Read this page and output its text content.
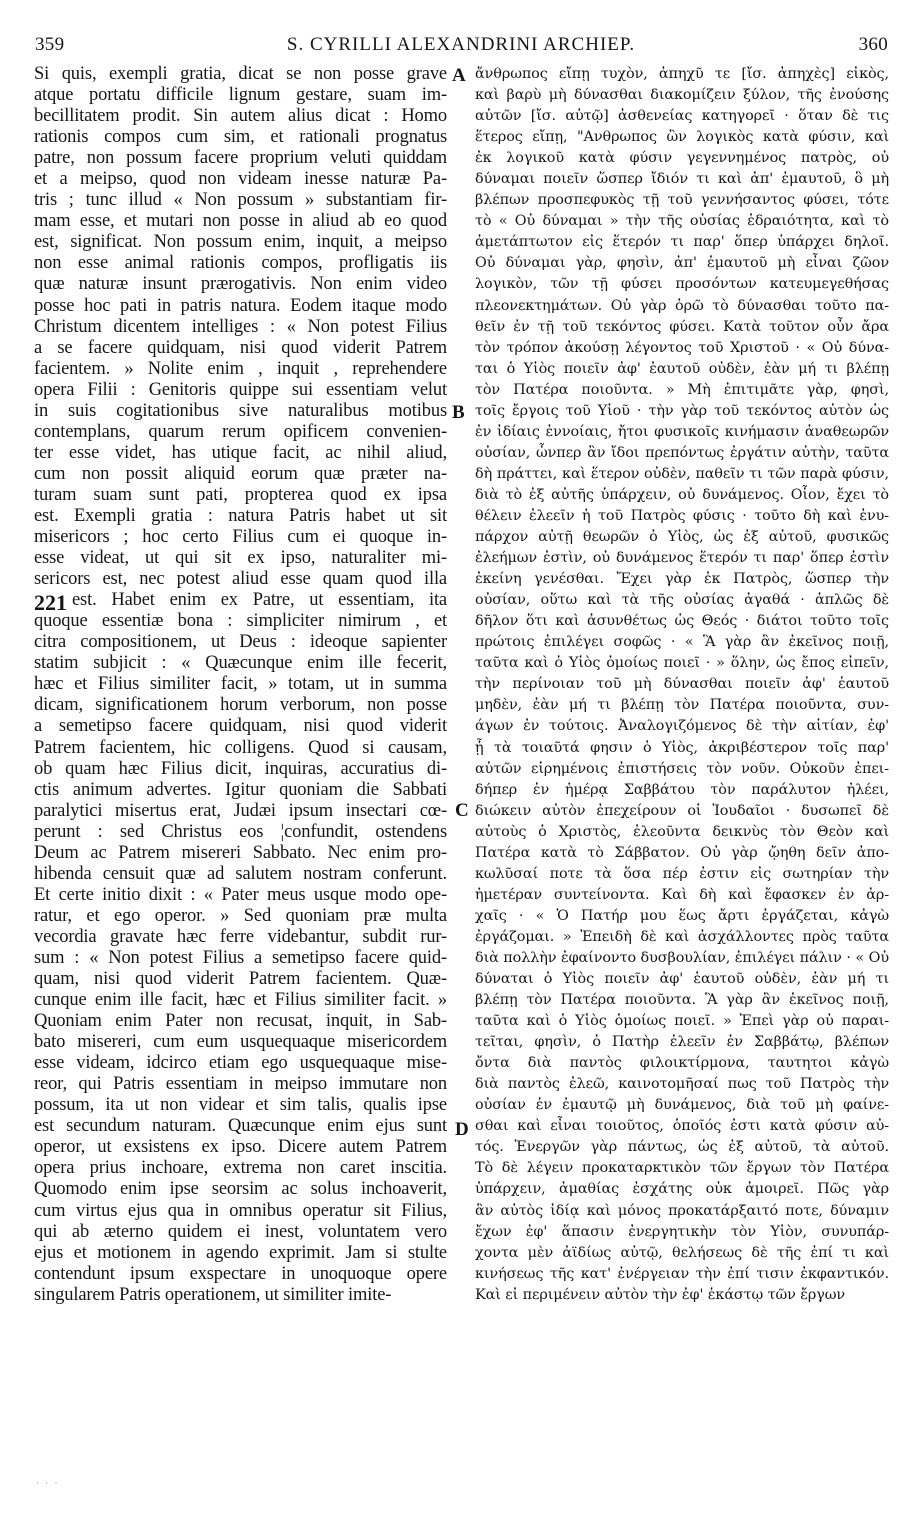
359	S. CYRILLI ALEXANDRINI ARCHIEP.	360
Si quis, exempli gratia, dicat se non posse grave
atque portatu difficile lignum gestare, suam im-
becillitatem prodit. Sin autem alius dicat : Homo
rationis compos cum sim, et rationali prognatus
patre, non possum facere proprium veluti quiddam
et a meipso, quod non videam inesse naturæ Pa-
tris ; tunc illud « Non possum » substantiam fir-
mam esse, et mutari non posse in aliud ab eo quod
est, significat. Non possum enim, inquit, a meipso
non esse animal rationis compos, profligatis iis
quæ naturæ insunt prærogativis. Non enim video
posse hoc pati in patris natura. Eodem itaque modo
Christum dicentem intelliges : « Non potest Filius
a se facere quidquam, nisi quod viderit Patrem
facientem. » Nolite enim , inquit , reprehendere
opera Filii : Genitoris quippe sui essentiam velut
in suis cogitationibus sive naturalibus motibus
contemplans, quarum rerum opificem convenien-
ter esse videt, has utique facit, ac nihil aliud,
cum non possit aliquid eorum quæ præter na-
turam suam sunt pati, propterea quod ex ipsa
est. Exempli gratia : natura Patris habet ut sit
misericors ; hoc certo Filius cum ei quoque in-
esse videat, ut qui sit ex ipso, naturaliter mi-
sericors est, nec potest aliud esse quam quod illa
est. Habet enim ex Patre, ut essentiam, ita
quoque essentiæ bona : simpliciter nimirum , et
citra compositionem, ut Deus : ideoque sapienter
statim subjicit : « Quæcunque enim ille fecerit,
hæc et Filius similiter facit, » totam, ut in summa
dicam, significationem horum verborum, non posse
a semetipso facere quidquam, nisi quod viderit
Patrem facientem, hic colligens. Quod si causam,
ob quam hæc Filius dicit, inquiras, accuratius di-
ctis animum advertes. Igitur quoniam die Sabbati
paralytici misertus erat, Judæi ipsum insectari cœ-
perunt : sed Christus eos ¦confundit, ostendens
Deum ac Patrem misereri Sabbato. Nec enim pro-
hibenda censuit quæ ad salutem nostram conferunt.
Et certe initio dixit : « Pater meus usque modo ope-
ratur, et ego operor. » Sed quoniam præ multa
vecordia gravate hæc ferre videbantur, subdit rur-
sum : « Non potest Filius a semetipso facere quid-
quam, nisi quod viderit Patrem facientem. Quæ-
cunque enim ille facit, hæc et Filius similiter facit. »
Quoniam enim Pater non recusat, inquit, in Sab-
bato misereri, cum eum usquequaque misericordem
esse videam, idcirco etiam ego usquequaque mise-
reor, qui Patris essentiam in meipso immutare non
possum, ita ut non videar et sim talis, qualis ipse
est secundum naturam. Quæcunque enim ejus sunt
operor, ut exsistens ex ipso. Dicere autem Patrem
opera prius inchoare, extrema non caret inscitia.
Quomodo enim ipse seorsim ac solus inchoaverit,
cum virtus ejus qua in omnibus operatur sit Filius,
qui ab æterno quidem ei inest, voluntatem vero
ejus et motionem in agendo exprimit. Jam si stulte
contendunt ipsum exspectare in unoquoque opere
singularem Patris operationem, ut similiter imite-
ἄνθρωπος εἴπῃ τυχὸν, ἀπηχῦ τε [ἴσ. ἀπηχὲς] εἰκὸς,
καὶ βαρὺ μὴ δύνασθαι διακομίζειν ξύλον, τῆς ἐνούσης
αὐτῶν [ἴσ. αὐτῷ] ἀσθενείας κατηγορεῖ · ὅταν δὲ τις
ἕτερος εἴπῃ, "Ανθρωπος ὢν λογικὸς κατὰ φύσιν, καὶ
ἐκ λογικοῦ κατὰ φύσιν γεγεννημένος πατρὸς, οὐ
δύναμαι ποιεῖν ὥσπερ ἴδιόν τι καὶ ἀπ' ἐμαυτοῦ, ὃ μὴ
βλέπων προσπεφυκὸς τῇ τοῦ γεννήσαντος φύσει, τότε
τὸ « Οὐ δύναμαι » τὴν τῆς οὐσίας ἑδραιότητα, καὶ τὸ
ἀμετάπτωτον εἰς ἕτερόν τι παρ' ὅπερ ὑπάρχει δηλοῖ.
Οὐ δύναμαι γὰρ, φησὶν, ἀπ' ἐμαυτοῦ μὴ εἶναι ζῶον
λογικὸν, τῶν τῇ φύσει προσόντων κατευμεγεθήσας
πλεονεκτημάτων. Οὐ γὰρ ὁρῶ τὸ δύνασθαι τοῦτο πα-
θεῖν ἐν τῇ τοῦ τεκόντος φύσει. Κατὰ τοῦτον οὖν ἄρα
τὸν τρόπον ἀκούσῃ λέγοντος τοῦ Χριστοῦ · « Οὐ δύνα-
ται ὁ Υἱὸς ποιεῖν ἀφ' ἑαυτοῦ οὐδὲν, ἐὰν μή τι βλέπῃ
τὸν Πατέρα ποιοῦντα. » Μὴ ἐπιτιμᾶτε γὰρ, φησὶ,
τοῖς ἔργοις τοῦ Υἱοῦ · τὴν γὰρ τοῦ τεκόντος αὐτὸν ὡς
ἐν ἰδίαις ἐννοίαις, ἤτοι φυσικοῖς κινήμασιν ἀναθεωρῶν
οὐσίαν, ὧνπερ ἂν ἴδοι πρεπόντως ἐργάτιν αὐτὴν, ταῦτα
δὴ πράττει, καὶ ἕτερον οὐδὲν, παθεῖν τι τῶν παρὰ φύσιν,
διὰ τὸ ἐξ αὐτῆς ὑπάρχειν, οὐ δυνάμενος. Οἷον, ἔχει τὸ
θέλειν ἐλεεῖν ἡ τοῦ Πατρὸς φύσις · τοῦτο δὴ καὶ ἐνυ-
πάρχον αὐτῇ θεωρῶν ὁ Υἱὸς, ὡς ἐξ αὐτοῦ, φυσικῶς
ἐλεήμων ἐστὶν, οὐ δυνάμενος ἕτερόν τι παρ' ὅπερ ἐστὶν
ἐκείνη γενέσθαι. Ἔχει γὰρ ἐκ Πατρὸς, ὥσπερ τὴν
οὐσίαν, οὕτω καὶ τὰ τῆς οὐσίας ἀγαθά · ἁπλῶς δὲ
δῆλον ὅτι καὶ ἀσυνθέτως ὡς Θεός · διάτοι τοῦτο τοῖς
πρώτοις ἐπιλέγει σοφῶς · « Ἃ γὰρ ἂν ἐκεῖνος ποιῇ,
ταῦτα καὶ ὁ Υἱὸς ὁμοίως ποιεῖ · » ὅλην, ὡς ἔπος εἰπεῖν,
τὴν περίνοιαν τοῦ μὴ δύνασθαι ποιεῖν ἀφ' ἑαυτοῦ
μηδὲν, ἐὰν μή τι βλέπῃ τὸν Πατέρα ποιοῦντα, συν-
άγων ἐν τούτοις. Ἀναλογιζόμενος δὲ τὴν αἰτίαν, ἐφ'
ᾗ τὰ τοιαῦτά φησιν ὁ Υἱὸς, ἀκριβέστερον τοῖς παρ'
αὐτῶν εἰρημένοις ἐπιστήσεις τὸν νοῦν. Οὐκοῦν ἐπει-
δήπερ ἐν ἡμέρᾳ Σαββάτου τὸν παράλυτον ἠλέει,
διώκειν αὐτὸν ἐπεχείρουν οἱ Ἰουδαῖοι · δυσωπεῖ δὲ
αὐτοὺς ὁ Χριστὸς, ἐλεοῦντα δεικνὺς τὸν Θεὸν καὶ
Πατέρα κατὰ τὸ Σάββατον. Οὐ γὰρ ᾤηθη δεῖν ἀπο-
κωλῦσαί ποτε τὰ ὅσα πέρ ἐστιν εἰς σωτηρίαν τὴν
ἡμετέραν συντείνοντα. Καὶ δὴ καὶ ἔφασκεν ἐν ἀρ-
χαῖς · « Ὁ Πατήρ μου ἕως ἄρτι ἐργάζεται, κἀγὼ
ἐργάζομαι. » Ἐπειδὴ δὲ καὶ ἀσχάλλοντες πρὸς ταῦτα
διὰ πολλὴν ἐφαίνοντο δυσβουλίαν, ἐπιλέγει πάλιν · « Οὐ
δύναται ὁ Υἱὸς ποιεῖν ἀφ' ἑαυτοῦ οὐδὲν, ἐὰν μή τι
βλέπῃ τὸν Πατέρα ποιοῦντα. Ἃ γὰρ ἂν ἐκεῖνος ποιῇ,
ταῦτα καὶ ὁ Υἱὸς ὁμοίως ποιεῖ. » Ἐπεὶ γὰρ οὐ παραι-
τεῖται, φησὶν, ὁ Πατὴρ ἐλεεῖν ἐν Σαββάτῳ, βλέπων
ὄντα διὰ παντὸς φιλοικτίρμονα, ταυτητοι κἀγὼ
διὰ παντὸς ἐλεῶ, καινοτομῆσαί πως τοῦ Πατρὸς τὴν
οὐσίαν ἐν ἐμαυτῷ μὴ δυνάμενος, διὰ τοῦ μὴ φαίνε-
σθαι καὶ εἶναι τοιοῦτος, ὁποῖός ἐστι κατὰ φύσιν αὐ-
τός. Ἐνεργῶν γὰρ πάντως, ὡς ἐξ αὐτοῦ, τὰ αὐτοῦ.
Τὸ δὲ λέγειν προκαταρκτικὸν τῶν ἔργων τὸν Πατέρα
ὑπάρχειν, ἀμαθίας ἐσχάτης οὐκ ἀμοιρεῖ. Πῶς γὰρ
ἂν αὐτὸς ἰδίᾳ καὶ μόνος προκατάρξαιτό ποτε, δύναμιν
ἔχων ἐφ' ἅπασιν ἐνεργητικὴν τὸν Υἱὸν, συνυπάρ-
χοντα μὲν ἀϊδίως αὐτῷ, θελήσεως δὲ τῆς ἐπί τι καὶ
κινήσεως τῆς κατ' ἐνέργειαν τὴν ἐπί τισιν ἐκφαντικόν.
Καὶ εἰ περιμένειν αὐτὸν τὴν ἐφ' ἑκάστῳ τῶν ἔργων
A
B
C
D
221
· · ·
